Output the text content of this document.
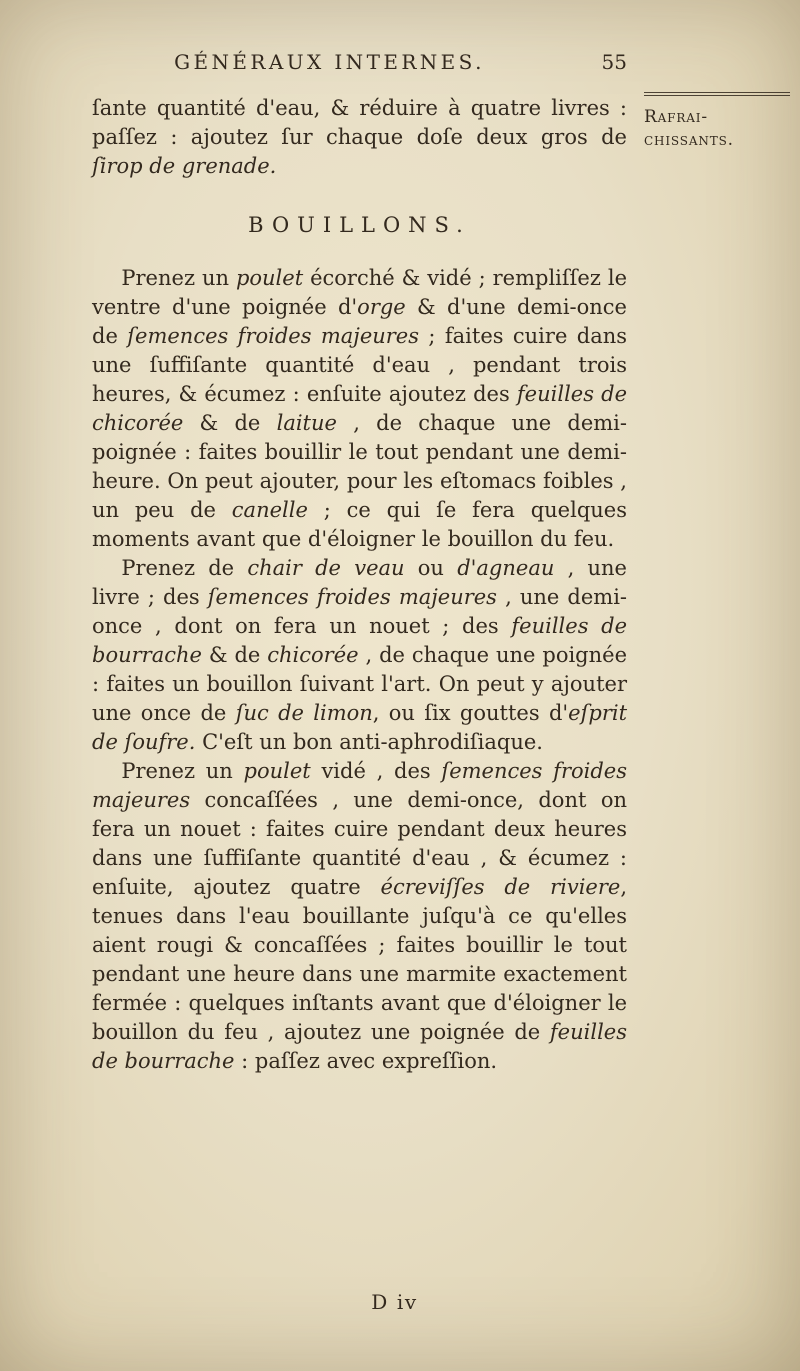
GÉNÉRAUX INTERNES.	55
Rafrai-
chissants.

ſante quantité d'eau, & réduire à quatre livres : paſſez : ajoutez ſur chaque doſe deux gros de ſirop de grenade.

BOUILLONS.

Prenez un poulet écorché & vidé ; rempliſſez le ventre d'une poignée d'orge & d'une demi-once de ſemences froides majeures ; faites cuire dans une ſuffiſante quantité d'eau , pendant trois heures, & écumez : enſuite ajoutez des feuilles de chicorée & de laitue , de chaque une demi-poignée : faites bouillir le tout pendant une demi-heure. On peut ajouter, pour les eſtomacs foibles , un peu de canelle ; ce qui ſe fera quelques moments avant que d'éloigner le bouillon du feu.

Prenez de chair de veau ou d'agneau , une livre ; des ſemences froides majeures , une demi-once , dont on fera un nouet ; des feuilles de bourrache & de chicorée , de chaque une poignée : faites un bouillon ſuivant l'art. On peut y ajouter une once de ſuc de limon, ou ſix gouttes d'eſprit de ſoufre. C'eſt un bon anti-aphrodiſiaque.

Prenez un poulet vidé , des ſemences froides majeures concaſſées , une demi-once, dont on fera un nouet : faites cuire pendant deux heures dans une ſuffiſante quantité d'eau , & écumez : enſuite, ajoutez quatre écreviſſes de riviere, tenues dans l'eau bouillante juſqu'à ce qu'elles aient rougi & concaſſées ; faites bouillir le tout pendant une heure dans une marmite exactement fermée : quelques inſtants avant que d'éloigner le bouillon du feu , ajoutez une poignée de feuilles de bourrache : paſſez avec expreſſion.

D iv
